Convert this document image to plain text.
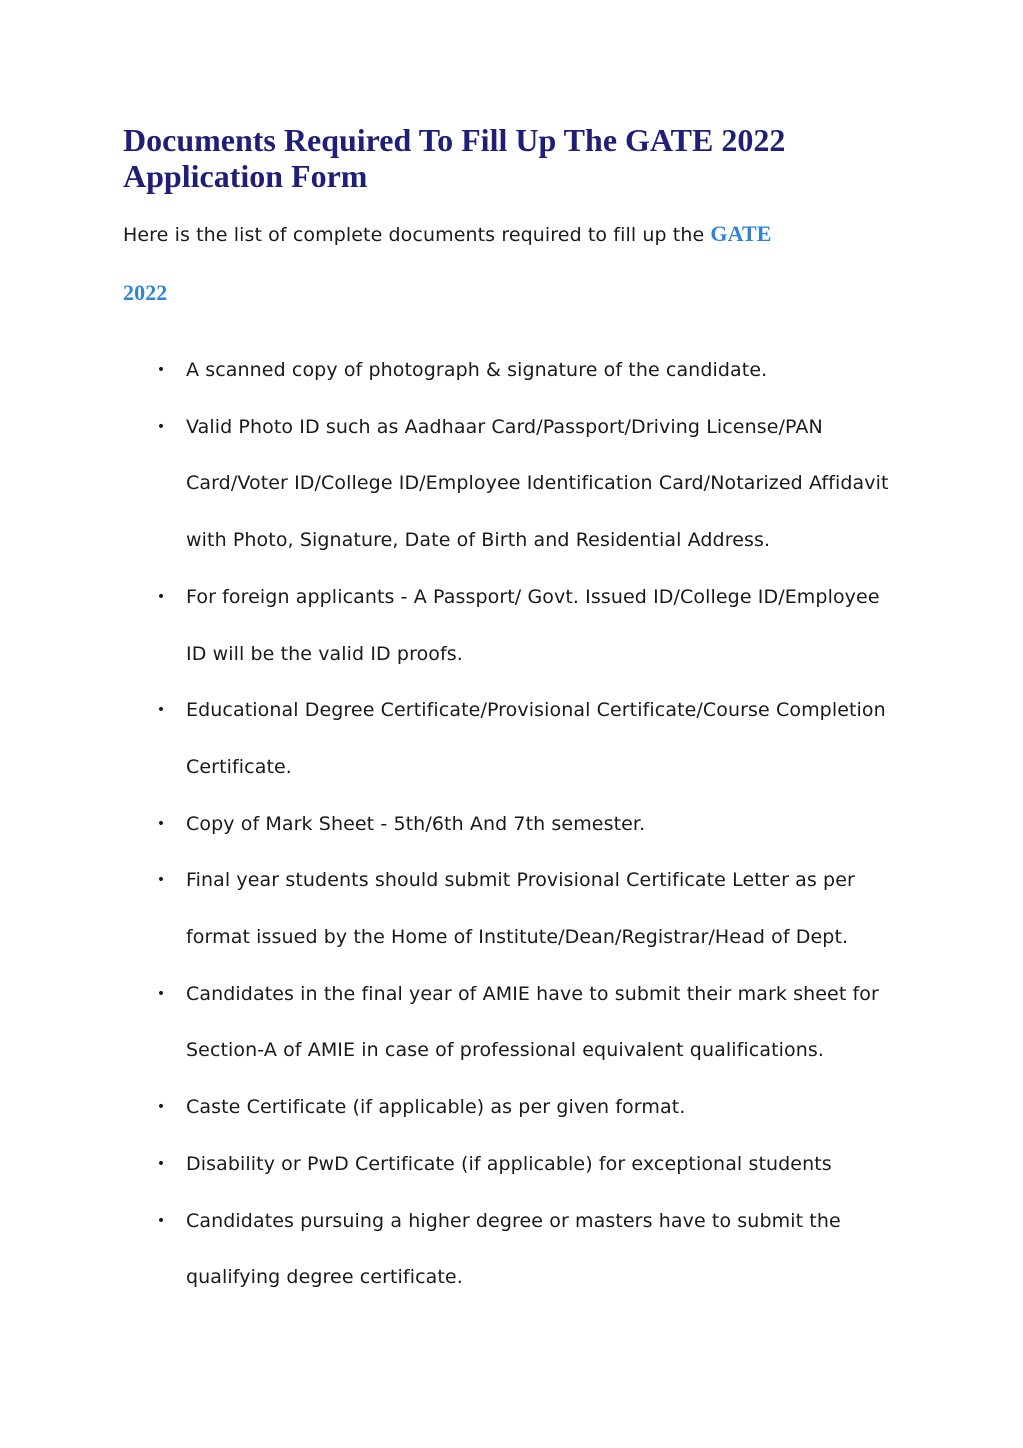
Documents Required To Fill Up The GATE 2022 Application Form

Here is the list of complete documents required to fill up the GATE
2022

• A scanned copy of photograph & signature of the candidate.
• Valid Photo ID such as Aadhaar Card/Passport/Driving License/PAN Card/Voter ID/College ID/Employee Identification Card/Notarized Affidavit with Photo, Signature, Date of Birth and Residential Address.
• For foreign applicants - A Passport/ Govt. Issued ID/College ID/Employee ID will be the valid ID proofs.
• Educational Degree Certificate/Provisional Certificate/Course Completion Certificate.
• Copy of Mark Sheet - 5th/6th And 7th semester.
• Final year students should submit Provisional Certificate Letter as per format issued by the Home of Institute/Dean/Registrar/Head of Dept.
• Candidates in the final year of AMIE have to submit their mark sheet for Section-A of AMIE in case of professional equivalent qualifications.
• Caste Certificate (if applicable) as per given format.
• Disability or PwD Certificate (if applicable) for exceptional students
• Candidates pursuing a higher degree or masters have to submit the qualifying degree certificate.
